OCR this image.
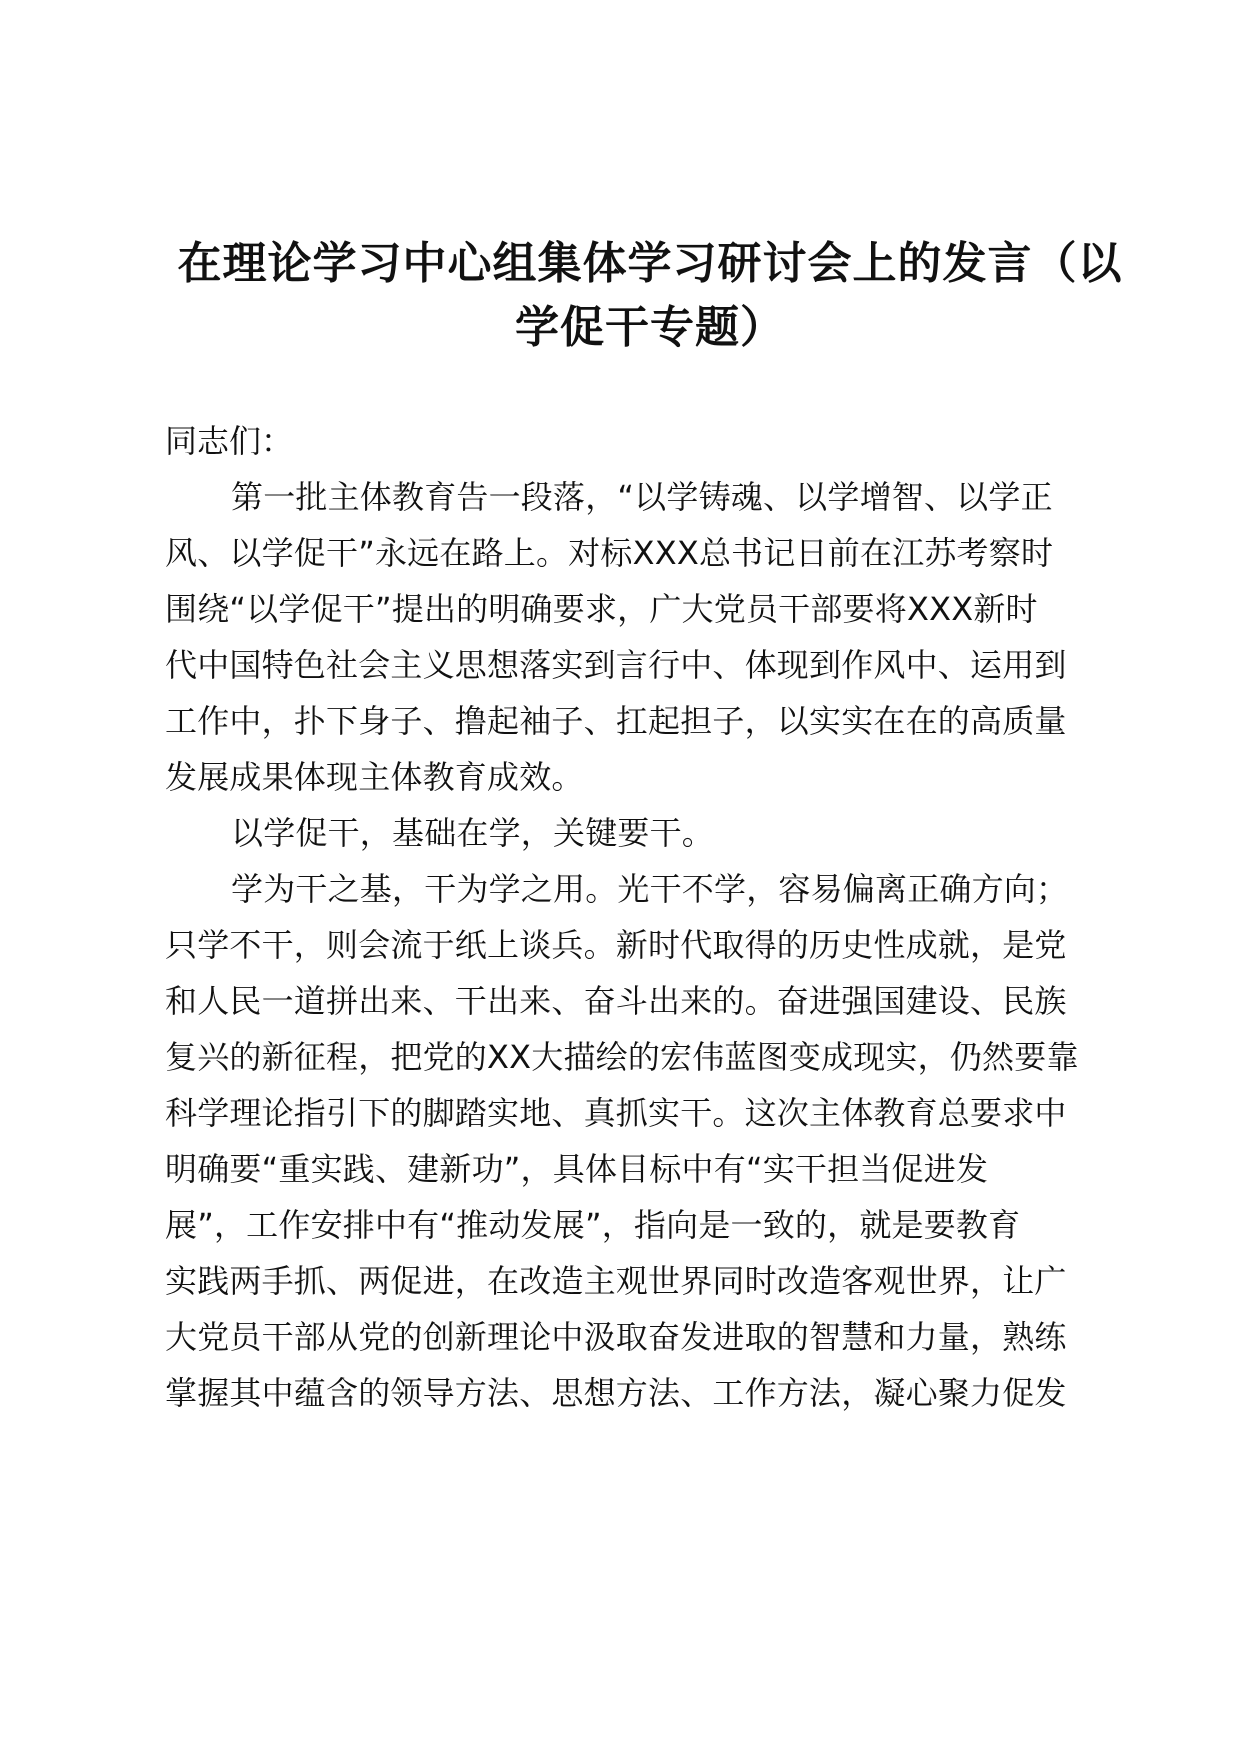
在理论学习中心组集体学习研讨会上的发言（以
学促干专题）
同志们：
第一批主体教育告一段落，“以学铸魂、以学增智、以学正
风、以学促干”永远在路上。对标XXX总书记日前在江苏考察时
围绕“以学促干”提出的明确要求，广大党员干部要将XXX新时
代中国特色社会主义思想落实到言行中、体现到作风中、运用到
工作中，扑下身子、撸起袖子、扛起担子，以实实在在的高质量
发展成果体现主体教育成效。
以学促干，基础在学，关键要干。
学为干之基，干为学之用。光干不学，容易偏离正确方向；
只学不干，则会流于纸上谈兵。新时代取得的历史性成就，是党
和人民一道拼出来、干出来、奋斗出来的。奋进强国建设、民族
复兴的新征程，把党的XX大描绘的宏伟蓝图变成现实，仍然要靠
科学理论指引下的脚踏实地、真抓实干。这次主体教育总要求中
明确要“重实践、建新功”，具体目标中有“实干担当促进发
展”，工作安排中有“推动发展”，指向是一致的，就是要教育
实践两手抓、两促进，在改造主观世界同时改造客观世界，让广
大党员干部从党的创新理论中汲取奋发进取的智慧和力量，熟练
掌握其中蕴含的领导方法、思想方法、工作方法，凝心聚力促发
